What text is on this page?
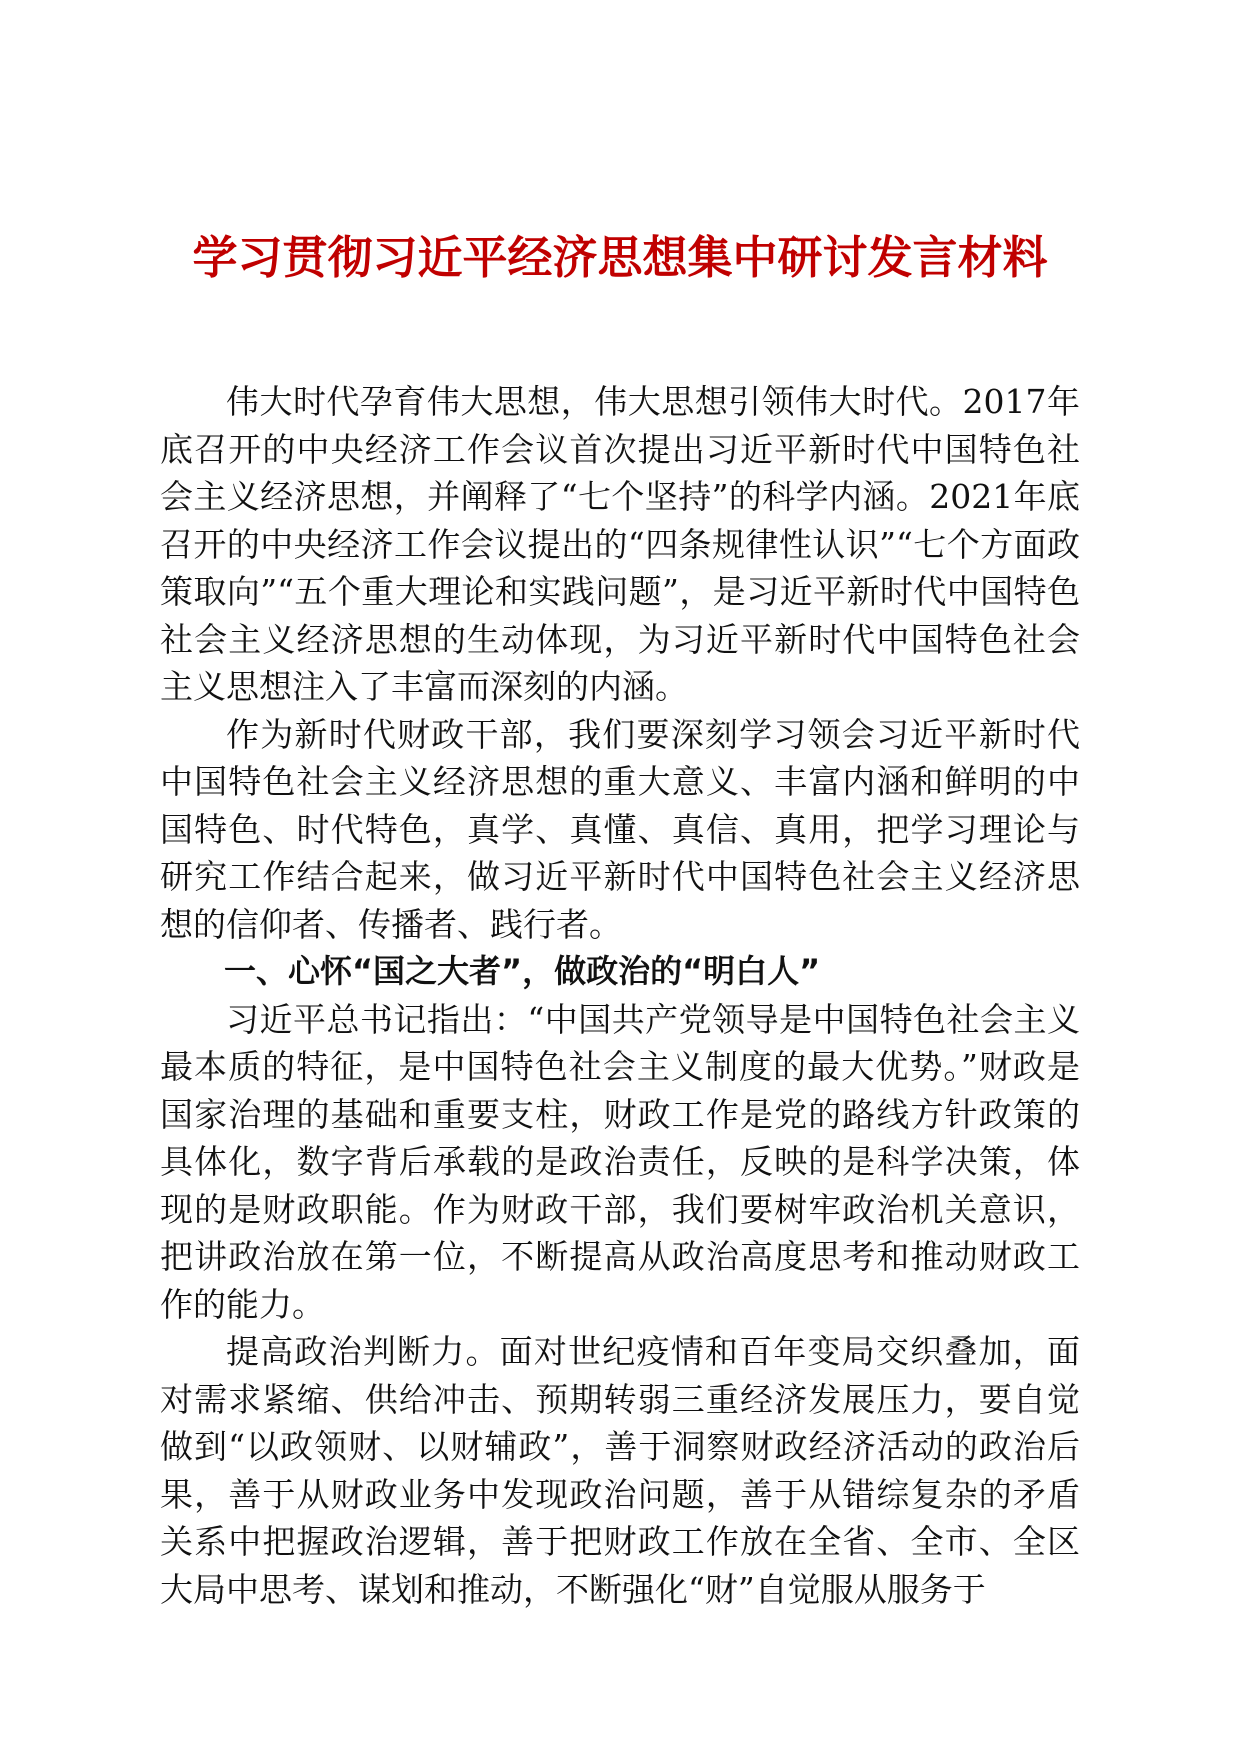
学习贯彻习近平经济思想集中研讨发言材料

伟大时代孕育伟大思想，伟大思想引领伟大时代。2017年底召开的中央经济工作会议首次提出习近平新时代中国特色社会主义经济思想，并阐释了“七个坚持”的科学内涵。2021年底召开的中央经济工作会议提出的“四条规律性认识”“七个方面政策取向”“五个重大理论和实践问题”，是习近平新时代中国特色社会主义经济思想的生动体现，为习近平新时代中国特色社会主义思想注入了丰富而深刻的内涵。

作为新时代财政干部，我们要深刻学习领会习近平新时代中国特色社会主义经济思想的重大意义、丰富内涵和鲜明的中国特色、时代特色，真学、真懂、真信、真用，把学习理论与研究工作结合起来，做习近平新时代中国特色社会主义经济思想的信仰者、传播者、践行者。

一、心怀“国之大者”，做政治的“明白人”

习近平总书记指出：“中国共产党领导是中国特色社会主义最本质的特征，是中国特色社会主义制度的最大优势。”财政是国家治理的基础和重要支柱，财政工作是党的路线方针政策的具体化，数字背后承载的是政治责任，反映的是科学决策，体现的是财政职能。作为财政干部，我们要树牢政治机关意识，把讲政治放在第一位，不断提高从政治高度思考和推动财政工作的能力。

提高政治判断力。面对世纪疫情和百年变局交织叠加，面对需求紧缩、供给冲击、预期转弱三重经济发展压力，要自觉做到“以政领财、以财辅政”，善于洞察财政经济活动的政治后果，善于从财政业务中发现政治问题，善于从错综复杂的矛盾关系中把握政治逻辑，善于把财政工作放在全省、全市、全区大局中思考、谋划和推动，不断强化“财”自觉服从服务于
